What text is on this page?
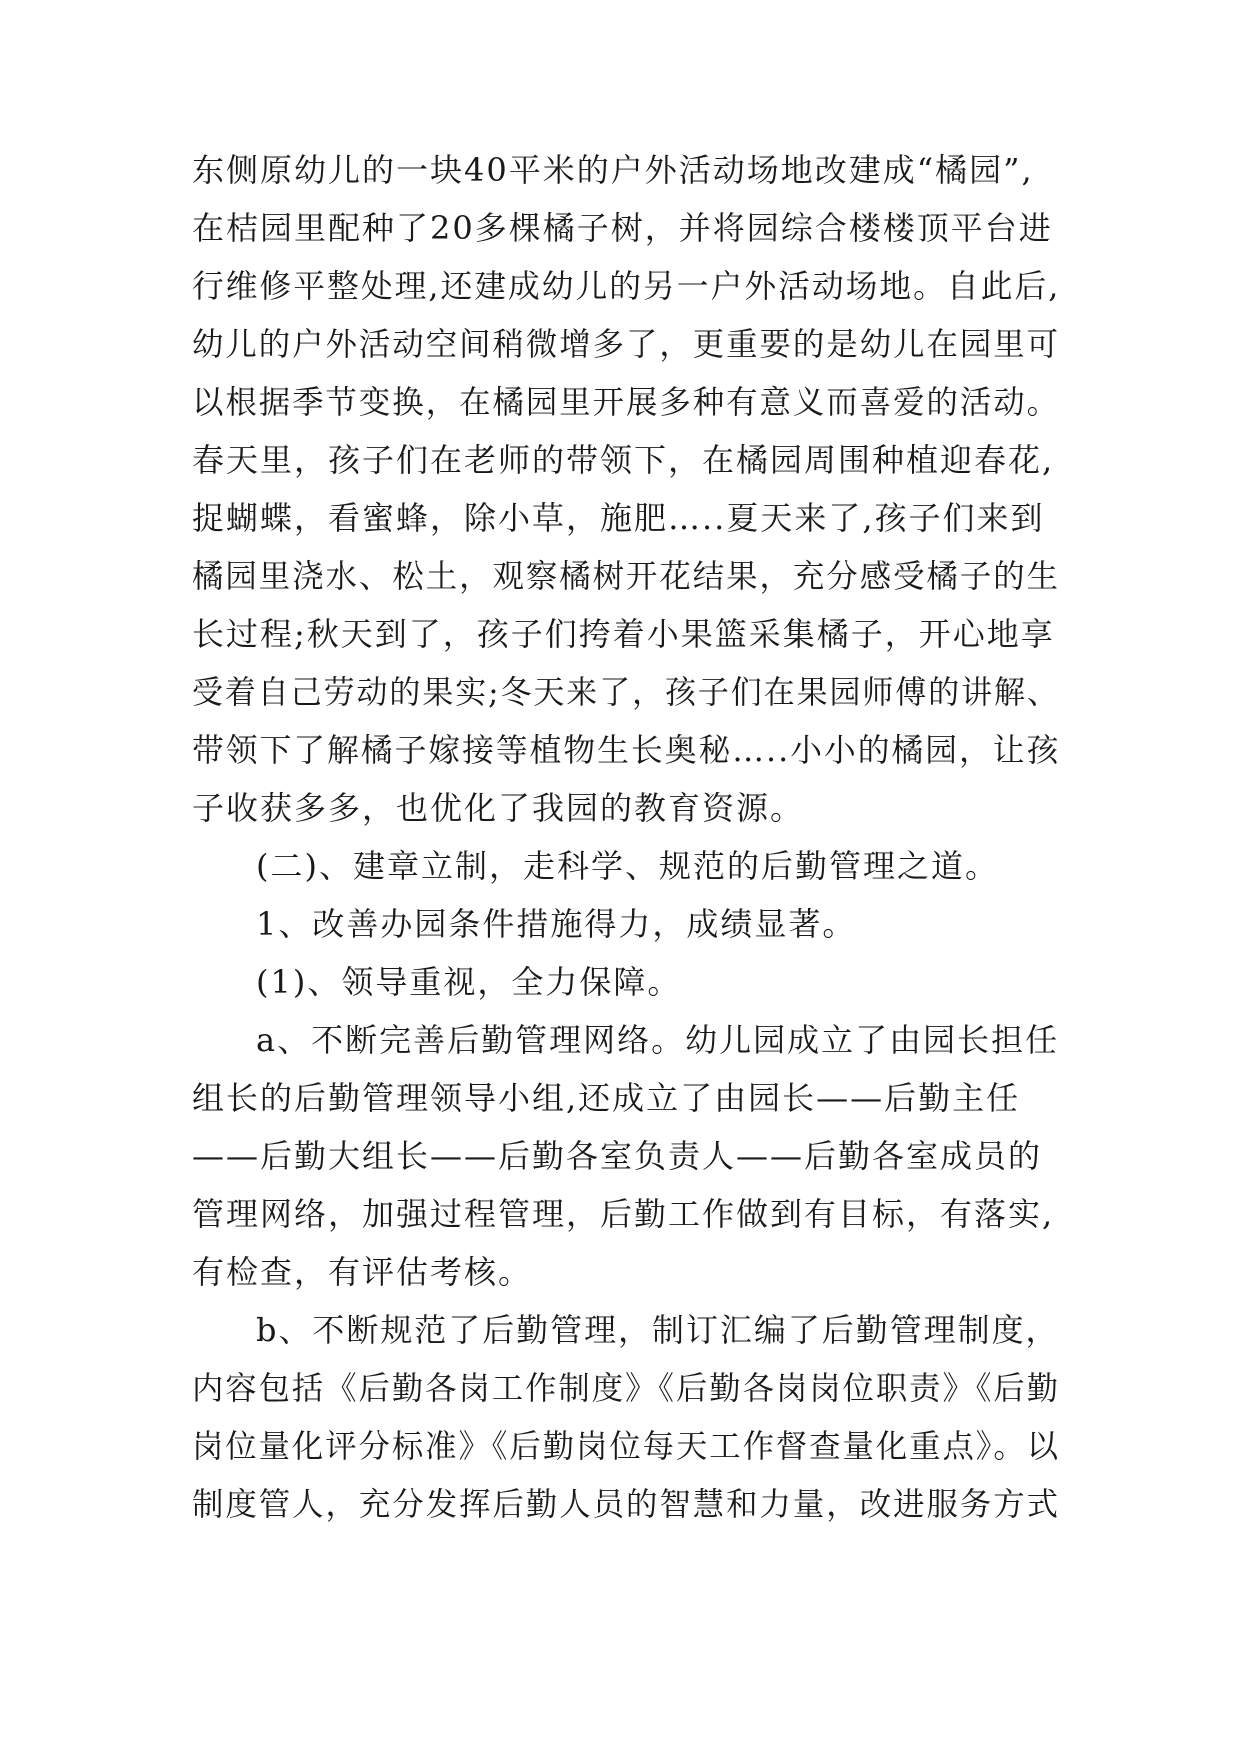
东侧原幼儿的一块40平米的户外活动场地改建成“橘园”,
在桔园里配种了20多棵橘子树，并将园综合楼楼顶平台进
行维修平整处理,还建成幼儿的另一户外活动场地。自此后,
幼儿的户外活动空间稍微增多了，更重要的是幼儿在园里可
以根据季节变换，在橘园里开展多种有意义而喜爱的活动。
春天里，孩子们在老师的带领下，在橘园周围种植迎春花,
捉蝴蝶，看蜜蜂，除小草，施肥…..夏天来了,孩子们来到
橘园里浇水、松土，观察橘树开花结果，充分感受橘子的生
长过程;秋天到了，孩子们挎着小果篮采集橘子，开心地享
受着自己劳动的果实;冬天来了，孩子们在果园师傅的讲解、
带领下了解橘子嫁接等植物生长奥秘…..小小的橘园，让孩
子收获多多，也优化了我园的教育资源。
(二)、建章立制，走科学、规范的后勤管理之道。
1、改善办园条件措施得力，成绩显著。
(1)、领导重视，全力保障。
a、不断完善后勤管理网络。幼儿园成立了由园长担任
组长的后勤管理领导小组,还成立了由园长——后勤主任
——后勤大组长——后勤各室负责人——后勤各室成员的
管理网络，加强过程管理，后勤工作做到有目标，有落实,
有检查，有评估考核。
b、不断规范了后勤管理，制订汇编了后勤管理制度，
内容包括《后勤各岗工作制度》《后勤各岗岗位职责》《后勤
岗位量化评分标准》《后勤岗位每天工作督查量化重点》。以
制度管人，充分发挥后勤人员的智慧和力量，改进服务方式
